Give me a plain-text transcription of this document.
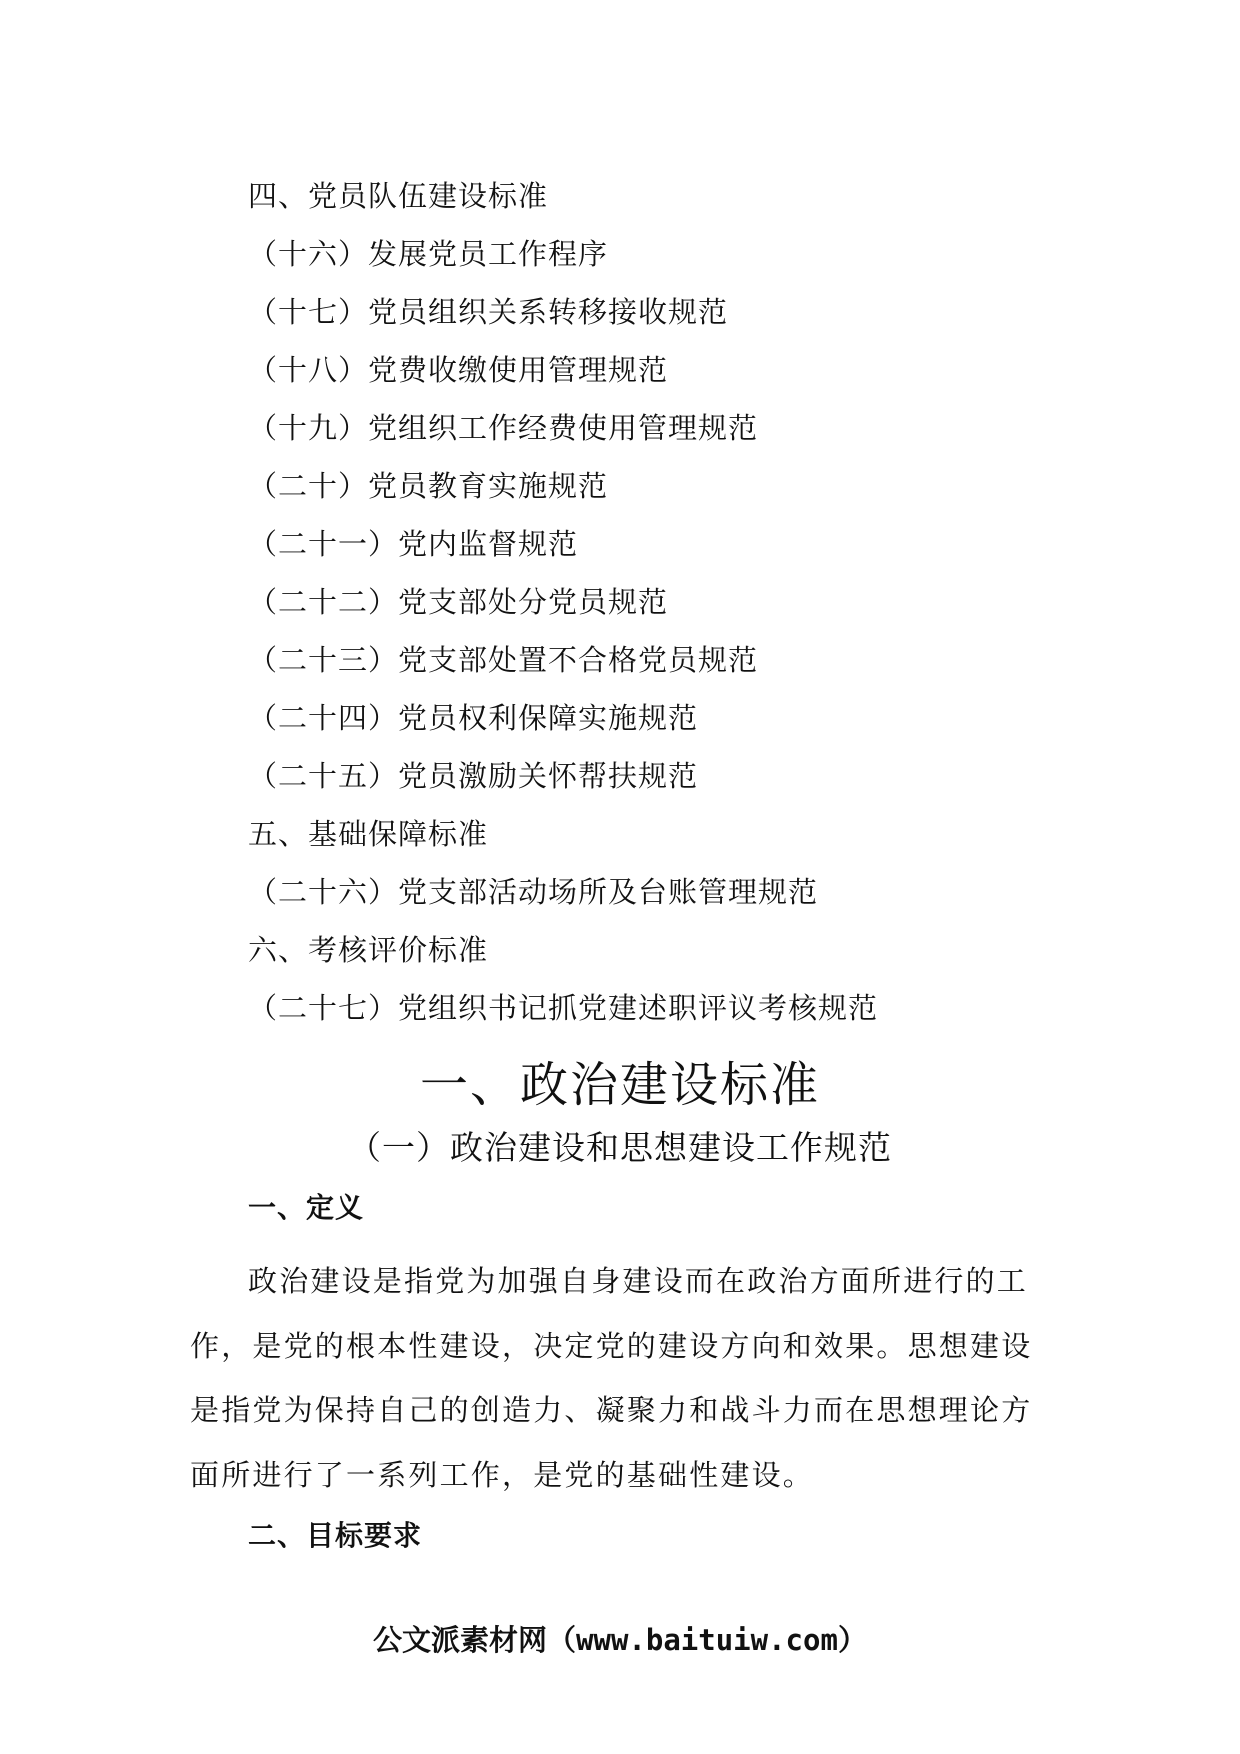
四、党员队伍建设标准
（十六）发展党员工作程序
（十七）党员组织关系转移接收规范
（十八）党费收缴使用管理规范
（十九）党组织工作经费使用管理规范
（二十）党员教育实施规范
（二十一）党内监督规范
（二十二）党支部处分党员规范
（二十三）党支部处置不合格党员规范
（二十四）党员权利保障实施规范
（二十五）党员激励关怀帮扶规范
五、基础保障标准
（二十六）党支部活动场所及台账管理规范
六、考核评价标准
（二十七）党组织书记抓党建述职评议考核规范
一、政治建设标准
（一）政治建设和思想建设工作规范
一、定义
政治建设是指党为加强自身建设而在政治方面所进行的工作，是党的根本性建设，决定党的建设方向和效果。思想建设是指党为保持自己的创造力、凝聚力和战斗力而在思想理论方面所进行了一系列工作，是党的基础性建设。
二、目标要求
公文派素材网（www.baituiw.com）
